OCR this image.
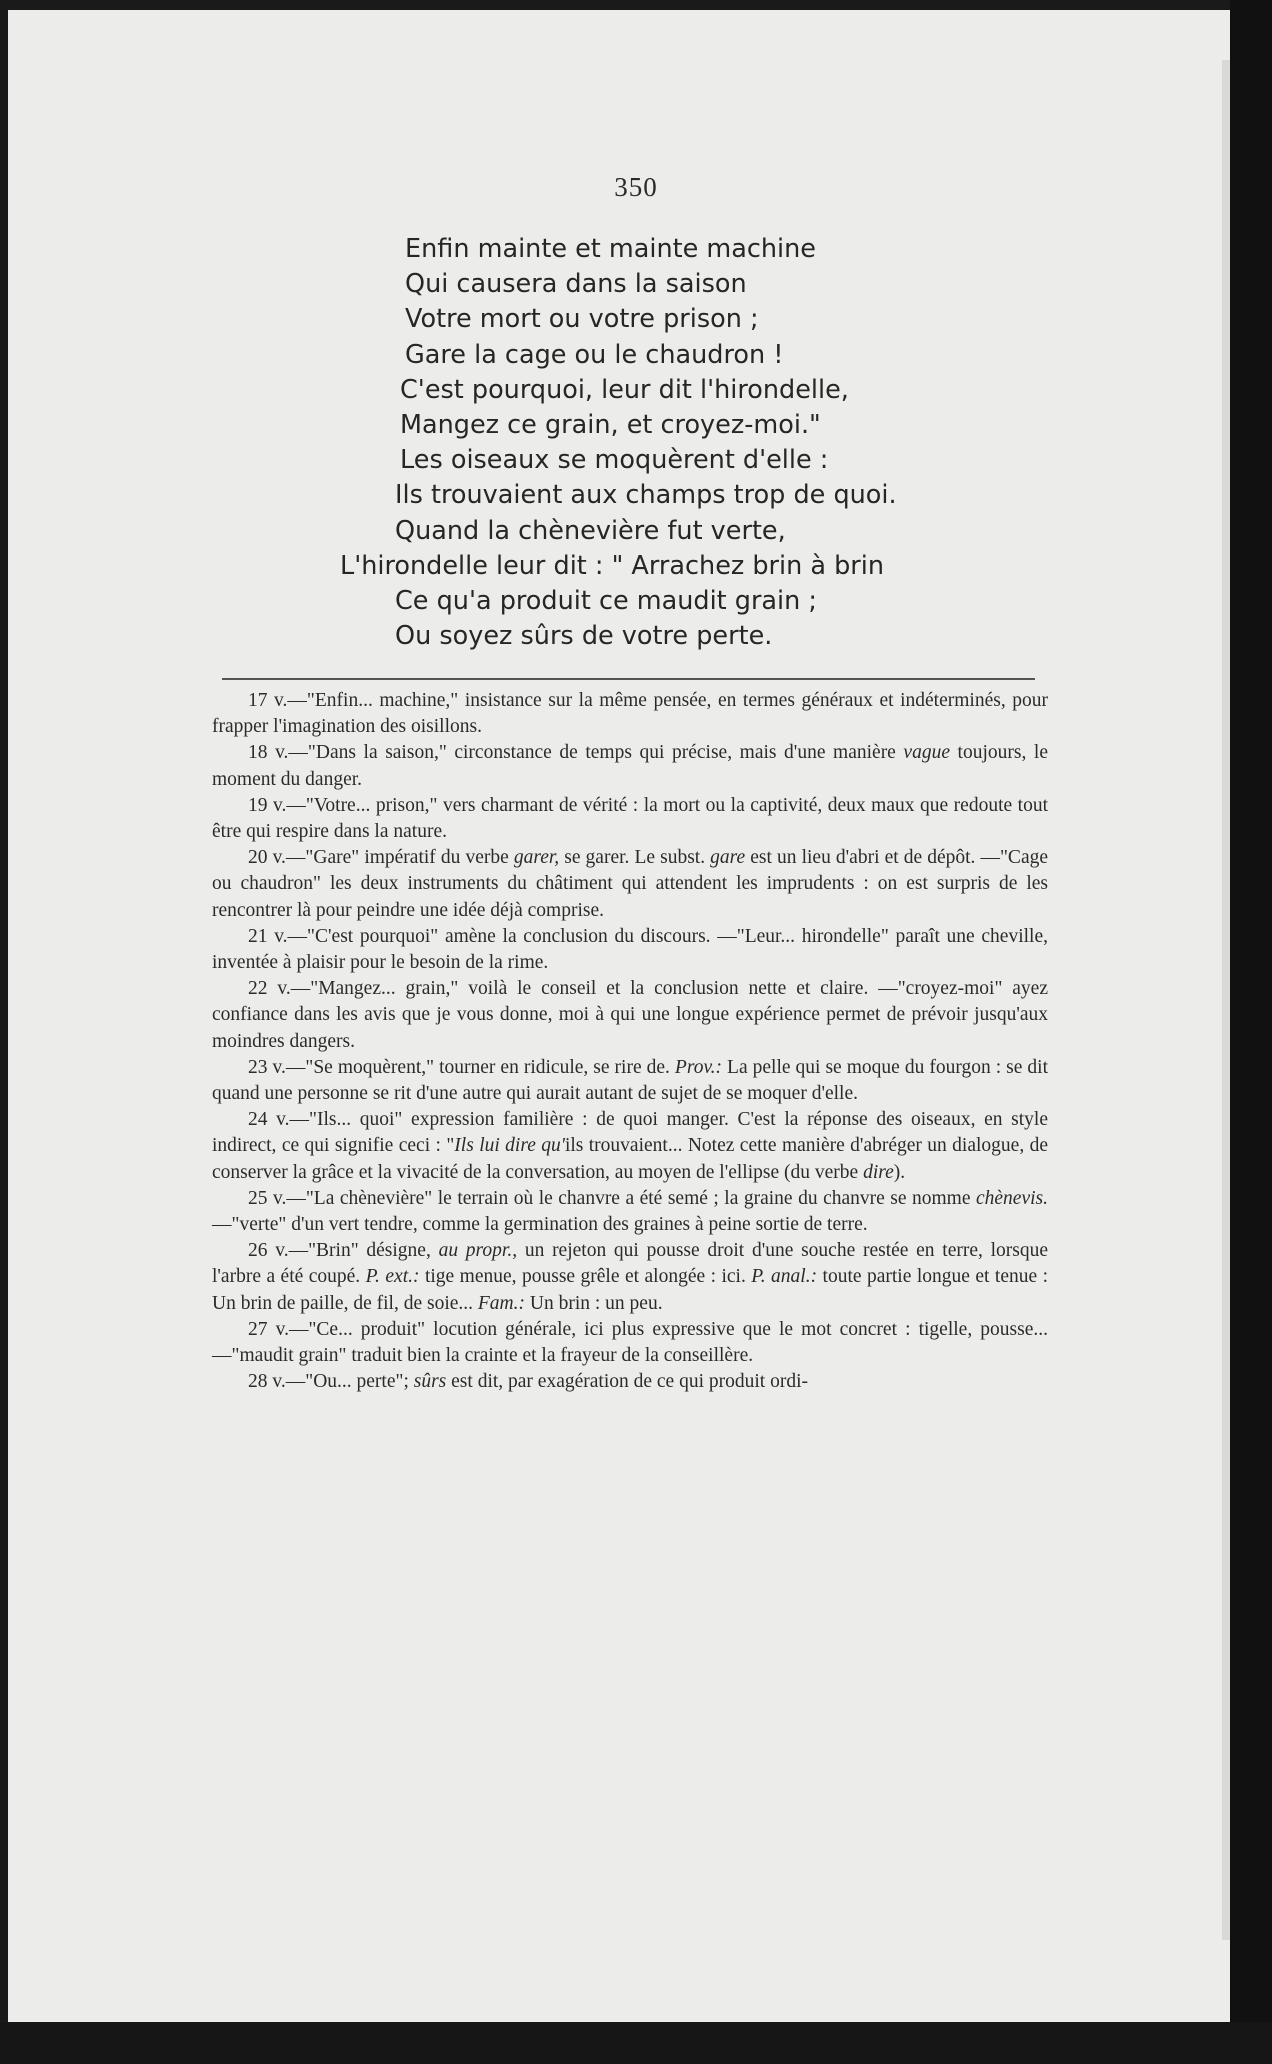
350
Enfin mainte et mainte machine
Qui causera dans la saison
Votre mort ou votre prison ;
Gare la cage ou le chaudron !
C'est pourquoi, leur dit l'hirondelle,
Mangez ce grain, et croyez-moi."
Les oiseaux se moquèrent d'elle :
Ils trouvaient aux champs trop de quoi.
Quand la chènevière fut verte,
L'hirondelle leur dit : " Arrachez brin à brin
Ce qu'a produit ce maudit grain ;
Ou soyez sûrs de votre perte.
17 v.—"Enfin... machine," insistance sur la même pensée, en termes généraux et indéterminés, pour frapper l'imagination des oisillons.
18 v.—"Dans la saison," circonstance de temps qui précise, mais d'une manière vague toujours, le moment du danger.
19 v.—"Votre... prison," vers charmant de vérité : la mort ou la captivité, deux maux que redoute tout être qui respire dans la nature.
20 v.—"Gare" impératif du verbe garer, se garer. Le subst. gare est un lieu d'abri et de dépôt. —"Cage ou chaudron" les deux instruments du châtiment qui attendent les imprudents : on est surpris de les rencontrer là pour peindre une idée déjà comprise.
21 v.—"C'est pourquoi" amène la conclusion du discours. —"Leur... hirondelle" paraît une cheville, inventée à plaisir pour le besoin de la rime.
22 v.—"Mangez... grain," voilà le conseil et la conclusion nette et claire. —"croyez-moi" ayez confiance dans les avis que je vous donne, moi à qui une longue expérience permet de prévoir jusqu'aux moindres dangers.
23 v.—"Se moquèrent," tourner en ridicule, se rire de. Prov.: La pelle qui se moque du fourgon : se dit quand une personne se rit d'une autre qui aurait autant de sujet de se moquer d'elle.
24 v.—"Ils... quoi" expression familière : de quoi manger. C'est la réponse des oiseaux, en style indirect, ce qui signifie ceci : "Ils lui dire qu'ils trouvaient... Notez cette manière d'abréger un dialogue, de conserver la grâce et la vivacité de la conversation, au moyen de l'ellipse (du verbe dire).
25 v.—"La chènevière" le terrain où le chanvre a été semé ; la graine du chanvre se nomme chènevis. —"verte" d'un vert tendre, comme la germination des graines à peine sortie de terre.
26 v.—"Brin" désigne, au propr., un rejeton qui pousse droit d'une souche restée en terre, lorsque l'arbre a été coupé. P. ext.: tige menue, pousse grêle et alongée : ici. P. anal.: toute partie longue et tenue : Un brin de paille, de fil, de soie... Fam.: Un brin : un peu.
27 v.—"Ce... produit" locution générale, ici plus expressive que le mot concret : tigelle, pousse... —"maudit grain" traduit bien la crainte et la frayeur de la conseillère.
28 v.—"Ou... perte"; sûrs est dit, par exagération de ce qui produit ordi-
